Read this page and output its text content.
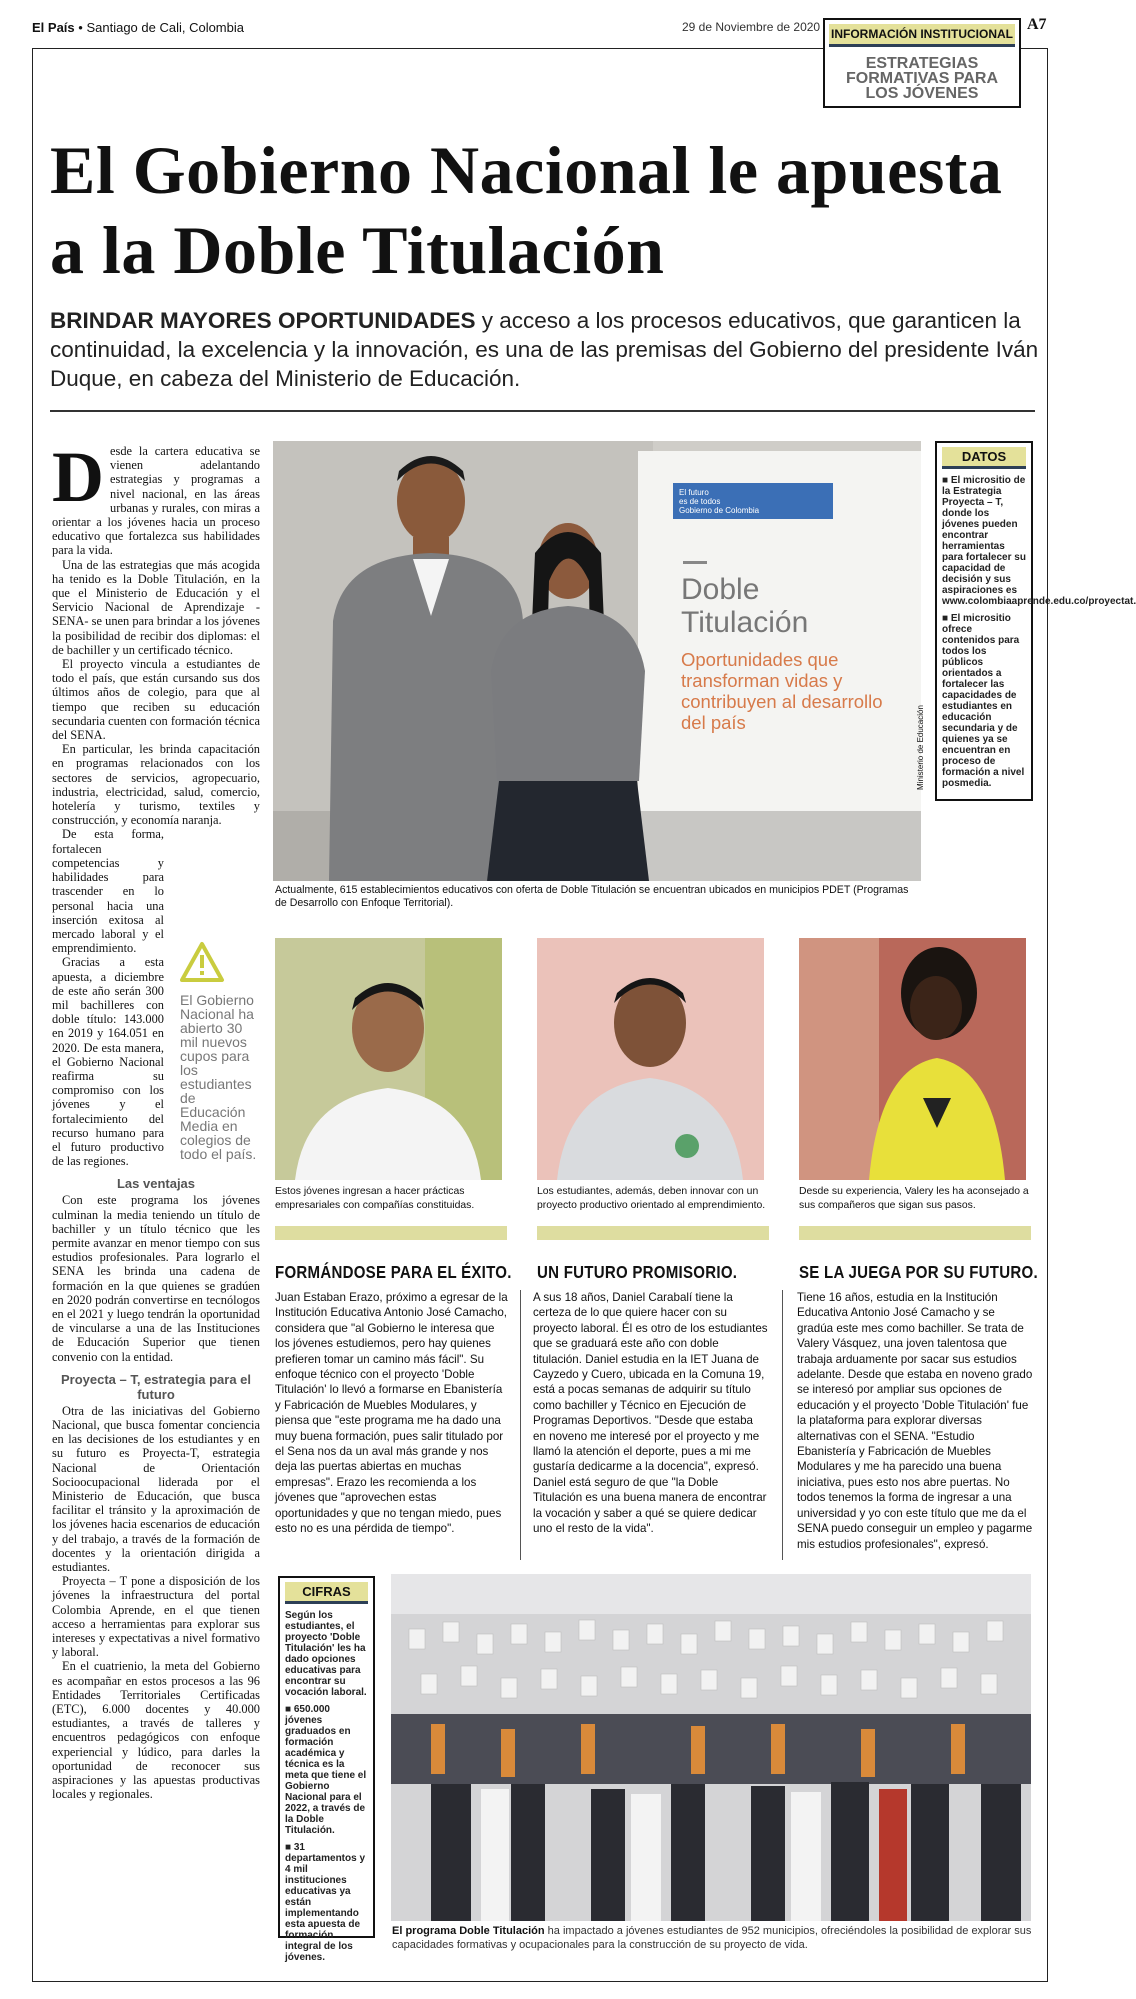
El País • Santiago de Cali, Colombia	29 de Noviembre de 2020	A7
INFORMACIÓN INSTITUCIONAL
ESTRATEGIAS FORMATIVAS PARA LOS JÓVENES
El Gobierno Nacional le apuesta a la Doble Titulación
BRINDAR MAYORES OPORTUNIDADES y acceso a los procesos educativos, que garanticen la continuidad, la excelencia y la innovación, es una de las premisas del Gobierno del presidente Iván Duque, en cabeza del Ministerio de Educación.
D esde la cartera educativa se vienen adelantando estrategias y programas a nivel nacional, en las áreas urbanas y rurales, con miras a orientar a los jóvenes hacia un proceso educativo que fortalezca sus habilidades para la vida.

Una de las estrategias que más acogida ha tenido es la Doble Titulación, en la que el Ministerio de Educación y el Servicio Nacional de Aprendizaje -SENA- se unen para brindar a los jóvenes la posibilidad de recibir dos diplomas: el de bachiller y un certificado técnico.

El proyecto vincula a estudiantes de todo el país, que están cursando sus dos últimos años de colegio, para que al tiempo que reciben su educación secundaria cuenten con formación técnica del SENA.

En particular, les brinda capacitación en programas relacionados con los sectores de servicios, agropecuario, industria, electricidad, salud, comercio, hotelería y turismo, textiles y construcción, y economía naranja.

De esta forma, fortalecen competencias y habilidades para trascender en lo personal hacia una inserción exitosa al mercado laboral y el emprendimiento.

Gracias a esta apuesta, a diciembre de este año serán 300 mil bachilleres con doble título: 143.000 en 2019 y 164.051 en 2020. De esta manera, el Gobierno Nacional reafirma su compromiso con los jóvenes y el fortalecimiento del recurso humano para el futuro productivo de las regiones.

Las ventajas

Con este programa los jóvenes culminan la media teniendo un título de bachiller y un título técnico que les permite avanzar en menor tiempo con sus estudios profesionales. Para lograrlo el SENA les brinda una cadena de formación en la que quienes se gradúen en 2020 podrán convertirse en tecnólogos en el 2021 y luego tendrán la oportunidad de vincularse a una de las Instituciones de Educación Superior que tienen convenio con la entidad.

Proyecta – T, estrategia para el futuro

Otra de las iniciativas del Gobierno Nacional, que busca fomentar conciencia en las decisiones de los estudiantes y en su futuro es Proyecta-T, estrategia Nacional de Orientación Socioocupacional liderada por el Ministerio de Educación, que busca facilitar el tránsito y la aproximación de los jóvenes hacia escenarios de educación y del trabajo, a través de la formación de docentes y la orientación dirigida a estudiantes.

Proyecta – T pone a disposición de los jóvenes la infraestructura del portal Colombia Aprende, en el que tienen acceso a herramientas para explorar sus intereses y expectativas a nivel formativo y laboral.

En el cuatrienio, la meta del Gobierno es acompañar en estos procesos a las 96 Entidades Territoriales Certificadas (ETC), 6.000 docentes y 40.000 estudiantes, a través de talleres y encuentros pedagógicos con enfoque experiencial y lúdico, para darles la oportunidad de reconocer sus aspiraciones y las apuestas productivas locales y regionales.

El Gobierno Nacional ha abierto 30 mil nuevos cupos para los estudiantes de Educación Media en colegios de todo el país.
El futuro
es de todos
Gobierno de Colombia
Doble Titulación
Oportunidades que transforman vidas y contribuyen al desarrollo del país
Actualmente, 615 establecimientos educativos con oferta de Doble Titulación se encuentran ubicados en municipios PDET (Programas de Desarrollo con Enfoque Territorial).
Ministerio de Educación
DATOS
■ El micrositio de la Estrategia Proyecta – T, donde los jóvenes pueden encontrar herramientas para fortalecer su capacidad de decisión y sus aspiraciones es www.colombiaaprende.edu.co/proyectat.
■ El micrositio ofrece contenidos para todos los públicos orientados a fortalecer las capacidades de estudiantes en educación secundaria y de quienes ya se encuentran en proceso de formación a nivel posmedia.
Estos jóvenes ingresan a hacer prácticas empresariales con compañías constituidas.
FORMÁNDOSE PARA EL ÉXITO.
Juan Estaban Erazo, próximo a egresar de la Institución Educativa Antonio José Camacho, considera que "al Gobierno le interesa que los jóvenes estudiemos, pero hay quienes prefieren tomar un camino más fácil". Su enfoque técnico con el proyecto 'Doble Titulación' lo llevó a formarse en Ebanistería y Fabricación de Muebles Modulares, y piensa que "este programa me ha dado una muy buena formación, pues salir titulado por el Sena nos da un aval más grande y nos deja las puertas abiertas en muchas empresas". Erazo les recomienda a los jóvenes que "aprovechen estas oportunidades y que no tengan miedo, pues esto no es una pérdida de tiempo".
Los estudiantes, además, deben innovar con un proyecto productivo orientado al emprendimiento.
UN FUTURO PROMISORIO.
A sus 18 años, Daniel Carabalí tiene la certeza de lo que quiere hacer con su proyecto laboral. Él es otro de los estudiantes que se graduará este año con doble titulación. Daniel estudia en la IET Juana de Cayzedo y Cuero, ubicada en la Comuna 19, está a pocas semanas de adquirir su título como bachiller y Técnico en Ejecución de Programas Deportivos. "Desde que estaba en noveno me interesé por el proyecto y me llamó la atención el deporte, pues a mi me gustaría dedicarme a la docencia", expresó. Daniel está seguro de que "la Doble Titulación es una buena manera de encontrar la vocación y saber a qué se quiere dedicar uno el resto de la vida".
Desde su experiencia, Valery les ha aconsejado a sus compañeros que sigan sus pasos.
SE LA JUEGA POR SU FUTURO.
Tiene 16 años, estudia en la Institución Educativa Antonio José Camacho y se gradúa este mes como bachiller. Se trata de Valery Vásquez, una joven talentosa que trabaja arduamente por sacar sus estudios adelante. Desde que estaba en noveno grado se interesó por ampliar sus opciones de educación y el proyecto 'Doble Titulación' fue la plataforma para explorar diversas alternativas con el SENA. "Estudio Ebanistería y Fabricación de Muebles Modulares y me ha parecido una buena iniciativa, pues esto nos abre puertas. No todos tenemos la forma de ingresar a una universidad y yo con este título que me da el SENA puedo conseguir un empleo y pagarme mis estudios profesionales", expresó.
CIFRAS
Según los estudiantes, el proyecto 'Doble Titulación' les ha dado opciones educativas para encontrar su vocación laboral.
■ 650.000 jóvenes graduados en formación académica y técnica es la meta que tiene el Gobierno Nacional para el 2022, a través de la Doble Titulación.
■ 31 departamentos y 4 mil instituciones educativas ya están implementando esta apuesta de formación integral de los jóvenes.
El programa Doble Titulación ha impactado a jóvenes estudiantes de 952 municipios, ofreciéndoles la posibilidad de explorar sus capacidades formativas y ocupacionales para la construcción de su proyecto de vida.
